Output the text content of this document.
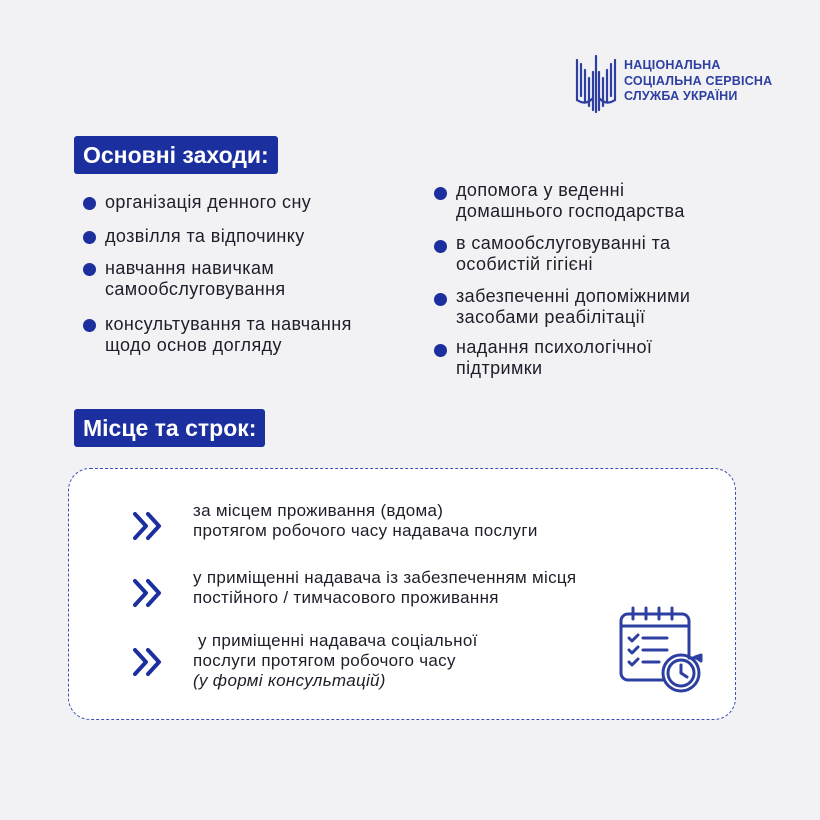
НАЦІОНАЛЬНА
СОЦІАЛЬНА СЕРВІСНА
СЛУЖБА УКРАЇНИ
Основні заходи:
організація денного сну
дозвілля та відпочинку
навчання навичкам
самообслуговування
консультування та навчання
щодо основ догляду
допомога у веденні
домашнього господарства
в самообслуговуванні та
особистій гігієні
забезпеченні допоміжними
засобами реабілітації
надання психологічної
підтримки
Місце та строк:
за місцем проживання (вдома)
протягом робочого часу надавача послуги
у приміщенні надавача із забезпеченням місця
постійного / тимчасового проживання
у приміщенні надавача соціальної
послуги протягом робочого часу
(у формі консультацій)
